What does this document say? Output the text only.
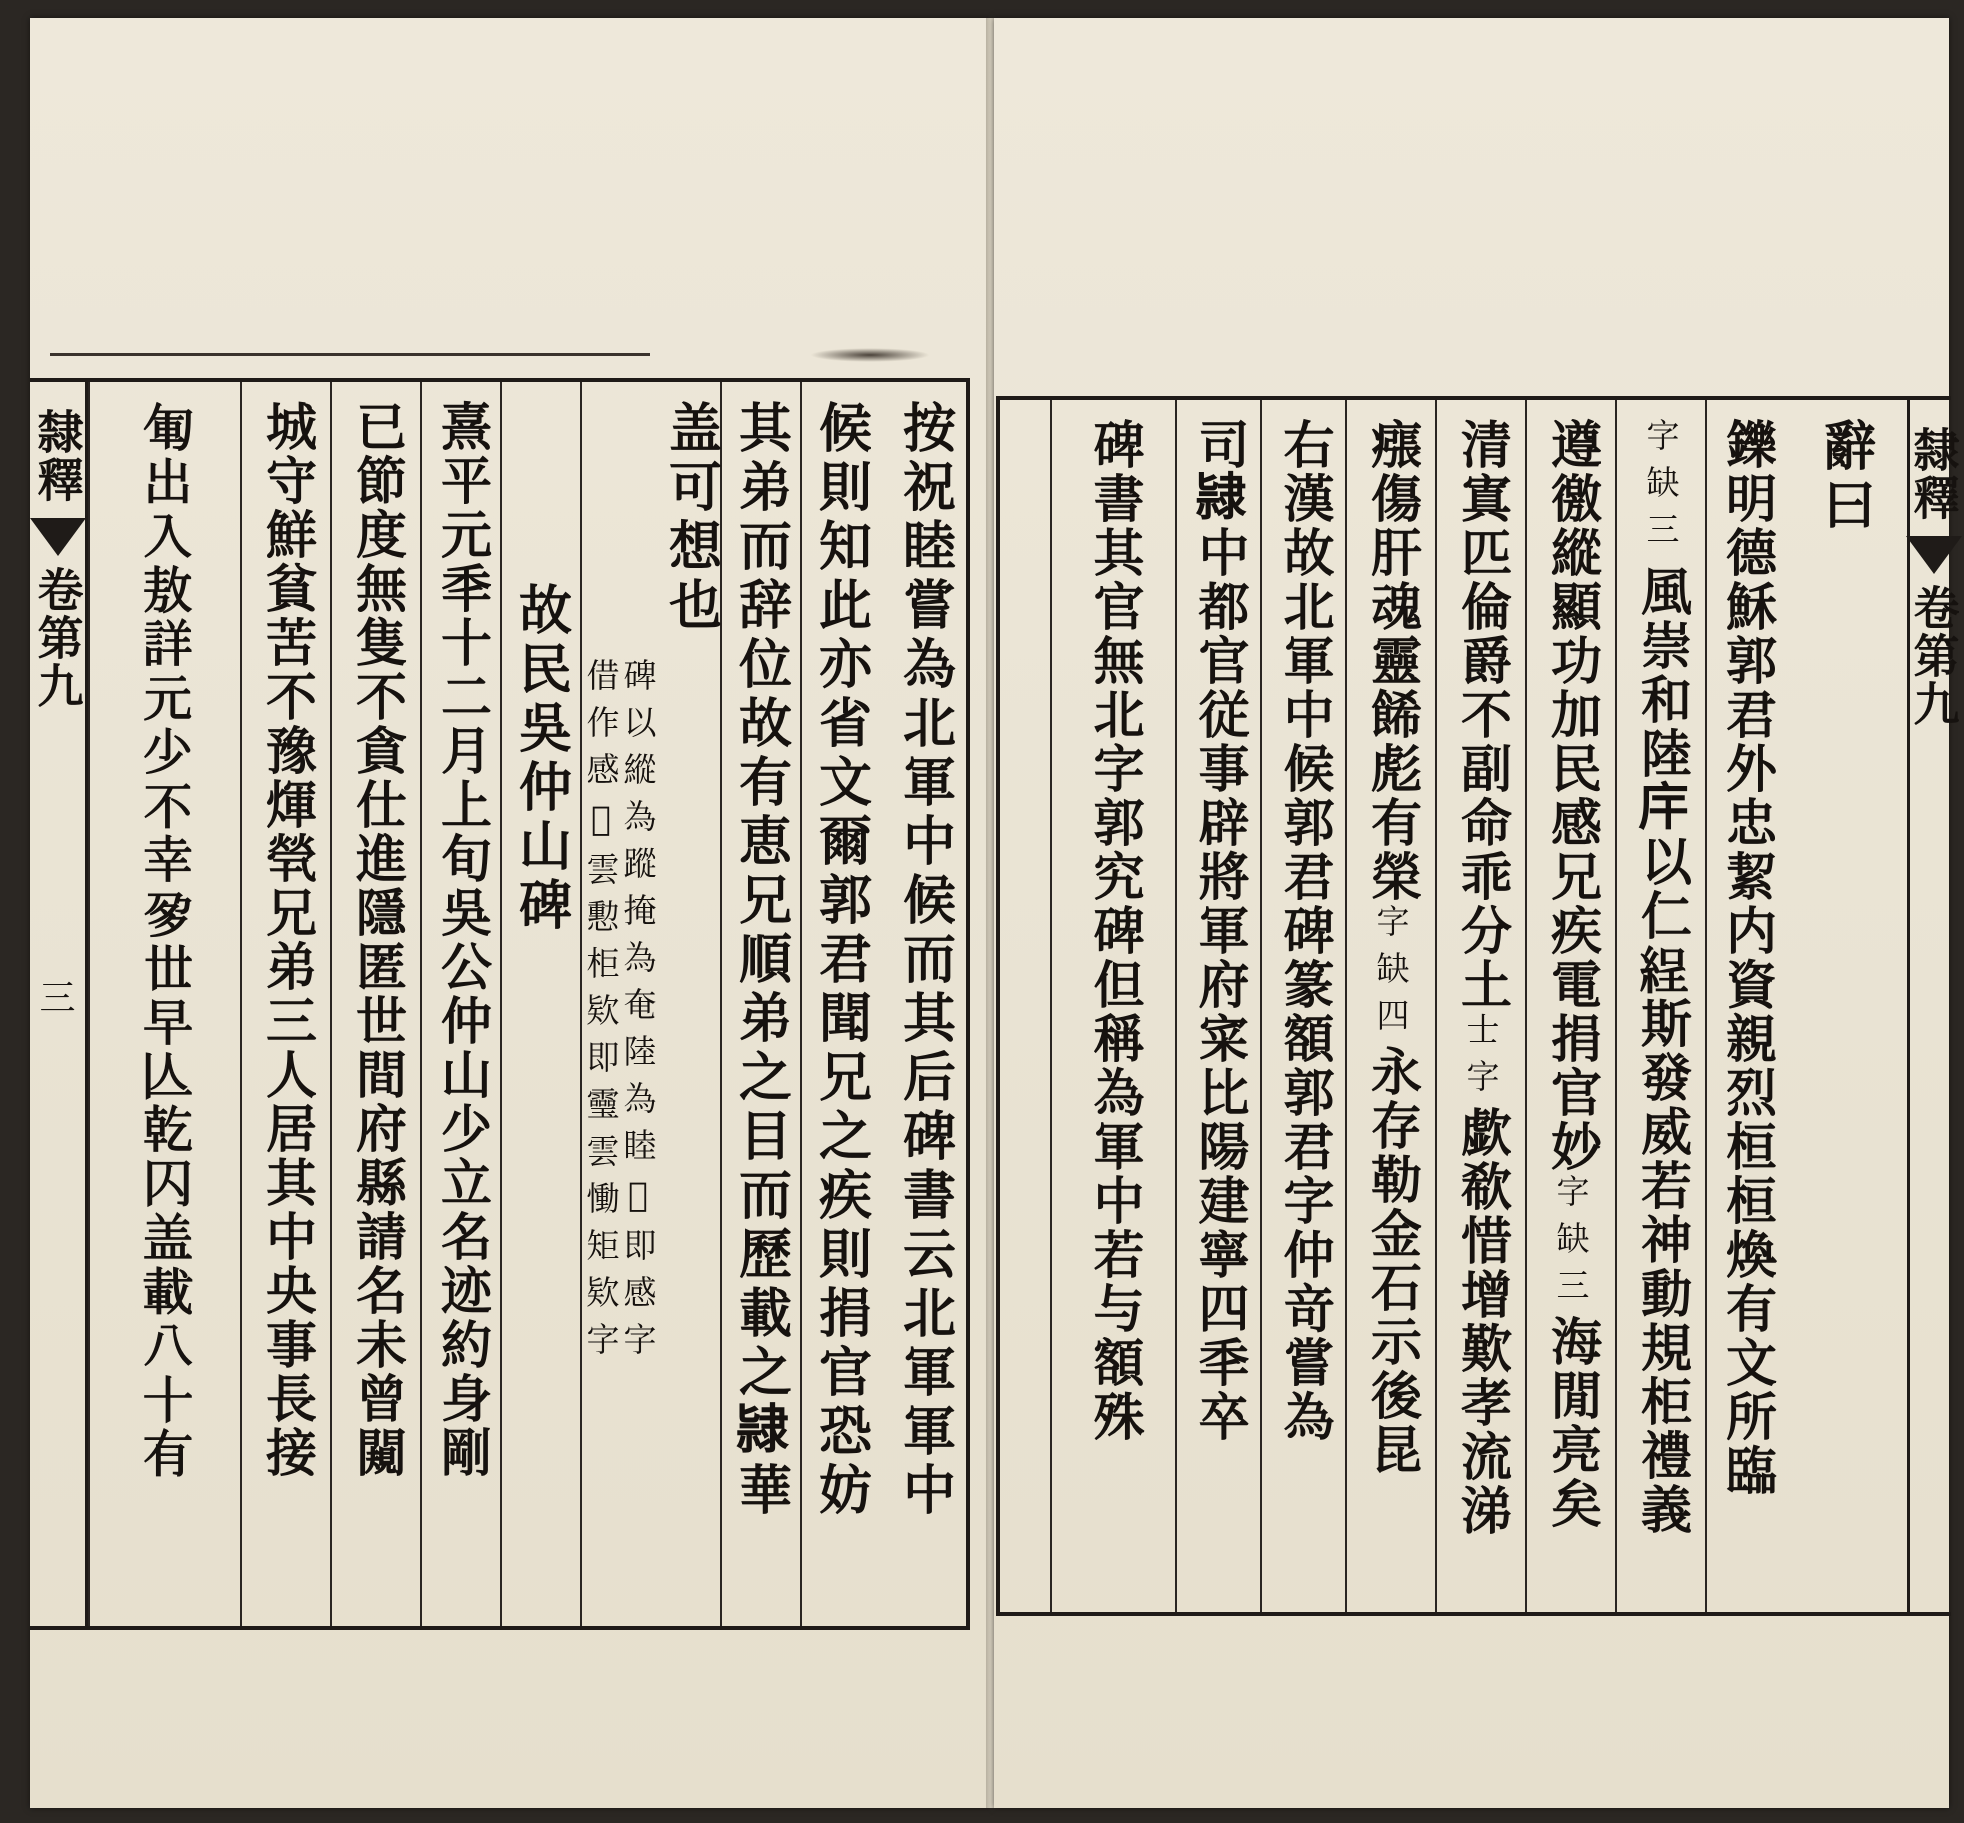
按祝睦嘗為北軍中候而其后碑書云北軍軍中
候則知此亦省文爾郭君聞兄之疾則捐官恐妨
其弟而辞位故有恵兄順弟之目而歷載之𨽻華
盖可想也
碑以縱為蹤掩為奄陸為睦𢿱即感字
借作感𩆝雲憅柜欵即𩆜雲慟矩欵字
故民吳仲山碑
熹平元秊十二月上旬吳公仲山少立名迹約身剛
已節度無隻不貪仕進隱匿世間府縣請名未曾闚
城守鮮貧苦不豫煇煢兄弟三人居其中央事長接
𠣞出入敖詳元少不幸㚉𠀍早亾乾𠔿盖載八十有
隸釋
卷第九
三
辭曰
鑠明德穌郭君外忠絜内資親烈桓桓煥有文所臨
字缺三
風崇和陸𢇛以仁𦀚斯發威若神動規柜禮義
遵徼縱顯功加民感兄疾電捐官妙
字缺三
海閒亮矣
清寘匹倫爵不副命乖分土
士字
歔欷惜增歎孝流涕
瘬傷肝魂靈餙彪有榮
字缺四
永存勒金石示後昆
右漢故北軍中候郭君碑篆額郭君字仲竒嘗為
司𨽻中都官従事辟將軍府寀比陽建寧四秊卒
碑書其官無北字郭究碑但稱為軍中若与額殊	隸釋
卷第九
